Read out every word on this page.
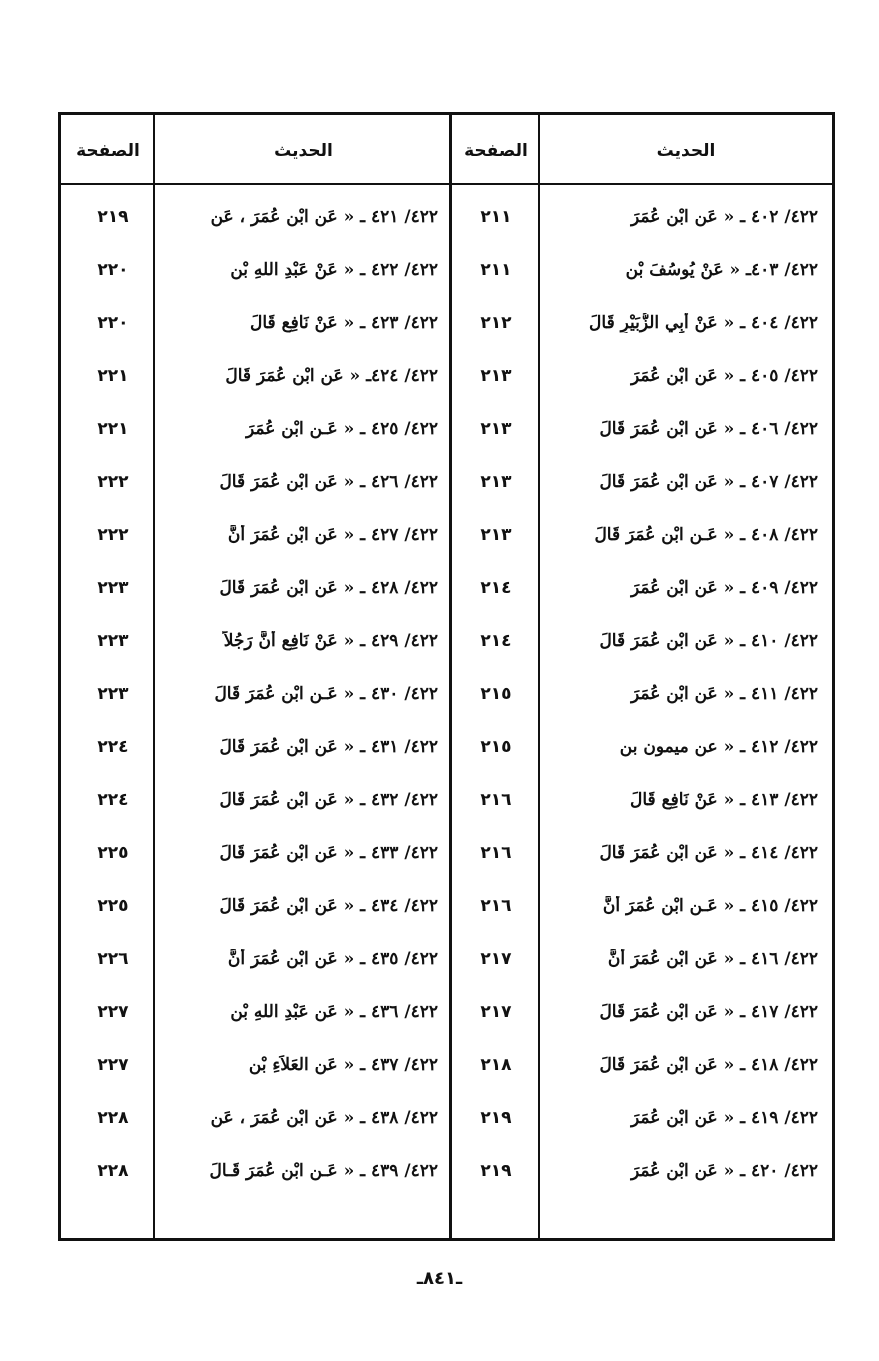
الحديث
الصفحة
الحديث
الصفحة
٤٢٢/ ٤٠٢ ـ « عَن ابْنِ عُمَرَ
٢١١
٤٢٢/ ٤٢١ ـ « عَن ابْنِ عُمَرَ ، عَن
٢١٩
٤٢٢/ ٤٠٣ـ « عَنْ يُوسُفَ بْنِ
٢١١
٤٢٢/ ٤٢٢ ـ « عَنْ عَبْدِ اللهِ بْنِ
٢٢٠
٤٢٢/ ٤٠٤ ـ « عَنْ أَبِي الزُّبَيْرِ قَالَ
٢١٢
٤٢٢/ ٤٢٣ ـ « عَنْ نَافِعٍ قَالَ
٢٢٠
٤٢٢/ ٤٠٥ ـ « عَن ابْنِ عُمَرَ
٢١٣
٤٢٢/ ٤٢٤ـ « عَن ابْنِ عُمَرَ قَالَ
٢٢١
٤٢٢/ ٤٠٦ ـ « عَن ابْنِ عُمَرَ قَالَ
٢١٣
٤٢٢/ ٤٢٥ ـ « عَـن ابْنِ عُمَرَ
٢٢١
٤٢٢/ ٤٠٧ ـ « عَن ابْنِ عُمَرَ قَالَ
٢١٣
٤٢٢/ ٤٢٦ ـ « عَن ابْنِ عُمَرَ قَالَ
٢٢٢
٤٢٢/ ٤٠٨ ـ « عَـن ابْنِ عُمَرَ قَالَ
٢١٣
٤٢٢/ ٤٢٧ ـ « عَن ابْنِ عُمَرَ أَنَّ
٢٢٢
٤٢٢/ ٤٠٩ ـ « عَن ابْنِ عُمَرَ
٢١٤
٤٢٢/ ٤٢٨ ـ « عَن ابْنِ عُمَرَ قَالَ
٢٢٣
٤٢٢/ ٤١٠ ـ « عَن ابْنِ عُمَرَ قَالَ
٢١٤
٤٢٢/ ٤٢٩ ـ « عَنْ نَافِعٍ أَنَّ رَجُلاً
٢٢٣
٤٢٢/ ٤١١ ـ « عَن ابْنِ عُمَرَ
٢١٥
٤٢٢/ ٤٣٠ ـ « عَـن ابْنِ عُمَرَ قَالَ
٢٢٣
٤٢٢/ ٤١٢ ـ « عن ميمون بن
٢١٥
٤٢٢/ ٤٣١ ـ « عَن ابْنِ عُمَرَ قَالَ
٢٢٤
٤٢٢/ ٤١٣ ـ « عَنْ نَافِعٍ قَالَ
٢١٦
٤٢٢/ ٤٣٢ ـ « عَن ابْنِ عُمَرَ قَالَ
٢٢٤
٤٢٢/ ٤١٤ ـ « عَن ابْنِ عُمَرَ قَالَ
٢١٦
٤٢٢/ ٤٣٣ ـ « عَن ابْنِ عُمَرَ قَالَ
٢٢٥
٤٢٢/ ٤١٥ ـ « عَـن ابْنِ عُمَرَ أَنَّ
٢١٦
٤٢٢/ ٤٣٤ ـ « عَن ابْنِ عُمَرَ قَالَ
٢٢٥
٤٢٢/ ٤١٦ ـ « عَن ابْنِ عُمَرَ أَنَّ
٢١٧
٤٢٢/ ٤٣٥ ـ « عَن ابْنِ عُمَرَ أَنَّ
٢٢٦
٤٢٢/ ٤١٧ ـ « عَن ابْنِ عُمَرَ قَالَ
٢١٧
٤٢٢/ ٤٣٦ ـ « عَن عَبْدِ اللهِ بْنِ
٢٢٧
٤٢٢/ ٤١٨ ـ « عَن ابْنِ عُمَرَ قَالَ
٢١٨
٤٢٢/ ٤٣٧ ـ « عَن العَلاَءِ بْنِ
٢٢٧
٤٢٢/ ٤١٩ ـ « عَن ابْنِ عُمَرَ
٢١٩
٤٢٢/ ٤٣٨ ـ « عَن ابْنِ عُمَرَ ، عَن
٢٢٨
٤٢٢/ ٤٢٠ ـ « عَن ابْنِ عُمَرَ
٢١٩
٤٢٢/ ٤٣٩ ـ « عَـن ابْنِ عُمَرَ قَـالَ
٢٢٨
ـ٨٤١ـ
